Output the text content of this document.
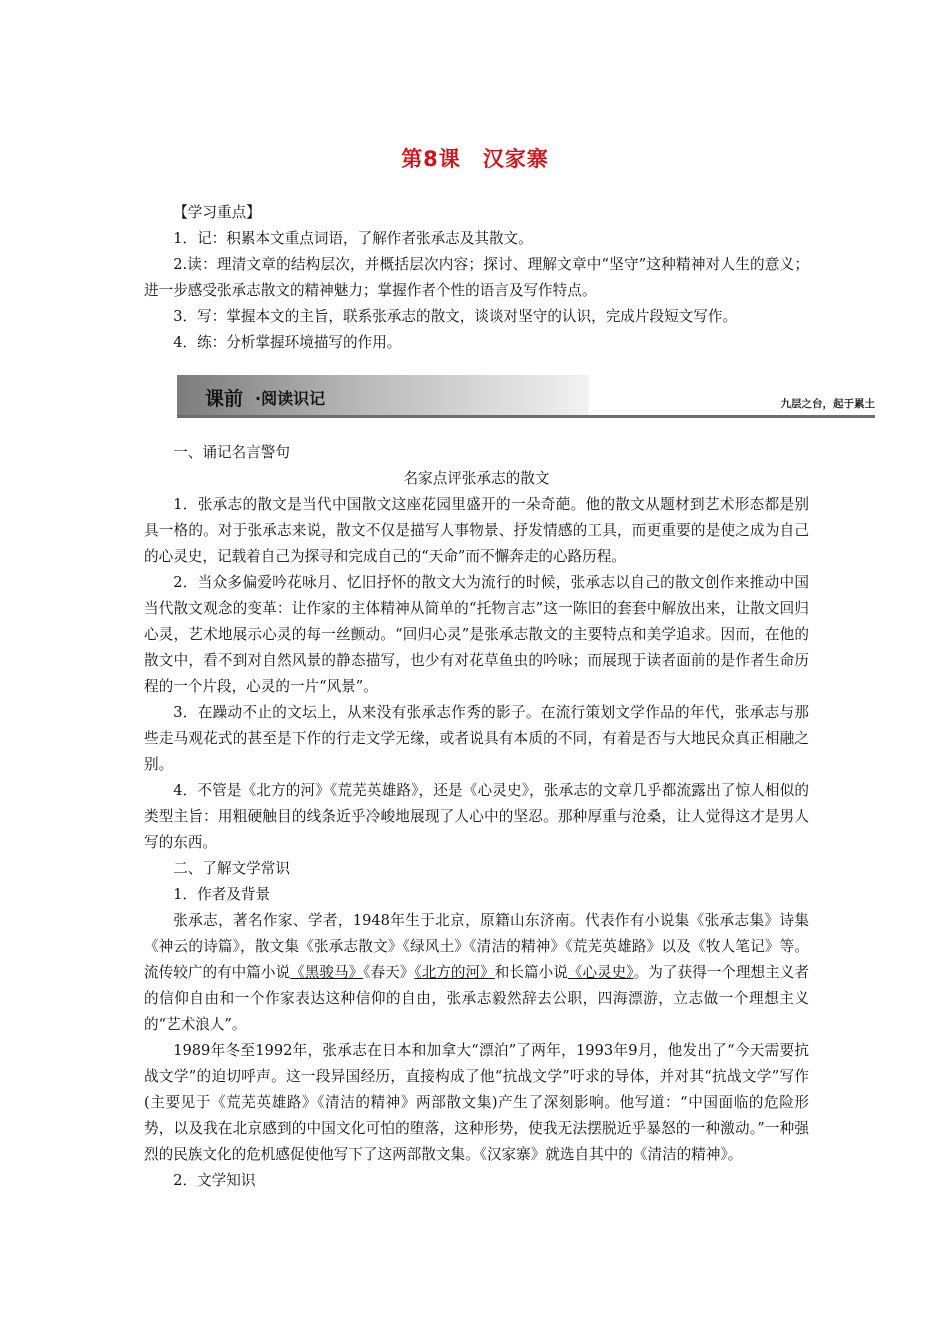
第8课　汉家寨

【学习重点】

1．记：积累本文重点词语，了解作者张承志及其散文。

2.读：理清文章的结构层次，并概括层次内容；探讨、理解文章中“坚守”这种精神对人生的意义；进一步感受张承志散文的精神魅力；掌握作者个性的语言及写作特点。

3．写：掌握本文的主旨，联系张承志的散文，谈谈对坚守的认识，完成片段短文写作。

4．练：分析掌握环境描写的作用。

课前 ·阅读识记	九层之台，起于累土

一、诵记名言警句

名家点评张承志的散文

1．张承志的散文是当代中国散文这座花园里盛开的一朵奇葩。他的散文从题材到艺术形态都是别具一格的。对于张承志来说，散文不仅是描写人事物景、抒发情感的工具，而更重要的是使之成为自己的心灵史，记载着自己为探寻和完成自己的“天命”而不懈奔走的心路历程。

2．当众多偏爱吟花咏月、忆旧抒怀的散文大为流行的时候，张承志以自己的散文创作来推动中国当代散文观念的变革：让作家的主体精神从简单的“托物言志”这一陈旧的套套中解放出来，让散文回归心灵，艺术地展示心灵的每一丝颤动。“回归心灵”是张承志散文的主要特点和美学追求。因而，在他的散文中，看不到对自然风景的静态描写，也少有对花草鱼虫的吟咏；而展现于读者面前的是作者生命历程的一个片段，心灵的一片“风景”。

3．在躁动不止的文坛上，从来没有张承志作秀的影子。在流行策划文学作品的年代，张承志与那些走马观花式的甚至是下作的行走文学无缘，或者说具有本质的不同，有着是否与大地民众真正相融之别。

4．不管是《北方的河》《荒芜英雄路》，还是《心灵史》，张承志的文章几乎都流露出了惊人相似的类型主旨：用粗硬触目的线条近乎冷峻地展现了人心中的坚忍。那种厚重与沧桑，让人觉得这才是男人写的东西。

二、了解文学常识

1．作者及背景

张承志，著名作家、学者，1948年生于北京，原籍山东济南。代表作有小说集《张承志集》诗集《神云的诗篇》，散文集《张承志散文》《绿风土》《清洁的精神》《荒芜英雄路》以及《牧人笔记》等。流传较广的有中篇小说《黑骏马》《春天》《北方的河》和长篇小说《心灵史》。为了获得一个理想主义者的信仰自由和一个作家表达这种信仰的自由，张承志毅然辞去公职，四海漂游，立志做一个理想主义的“艺术浪人”。

1989年冬至1992年，张承志在日本和加拿大“漂泊”了两年，1993年9月，他发出了“今天需要抗战文学”的迫切呼声。这一段异国经历，直接构成了他“抗战文学”吁求的导体，并对其“抗战文学”写作(主要见于《荒芜英雄路》《清洁的精神》两部散文集)产生了深刻影响。他写道：“中国面临的危险形势，以及我在北京感到的中国文化可怕的堕落，这种形势，使我无法摆脱近乎暴怒的一种激动。”一种强烈的民族文化的危机感促使他写下了这两部散文集。《汉家寨》就选自其中的《清洁的精神》。

2．文学知识
